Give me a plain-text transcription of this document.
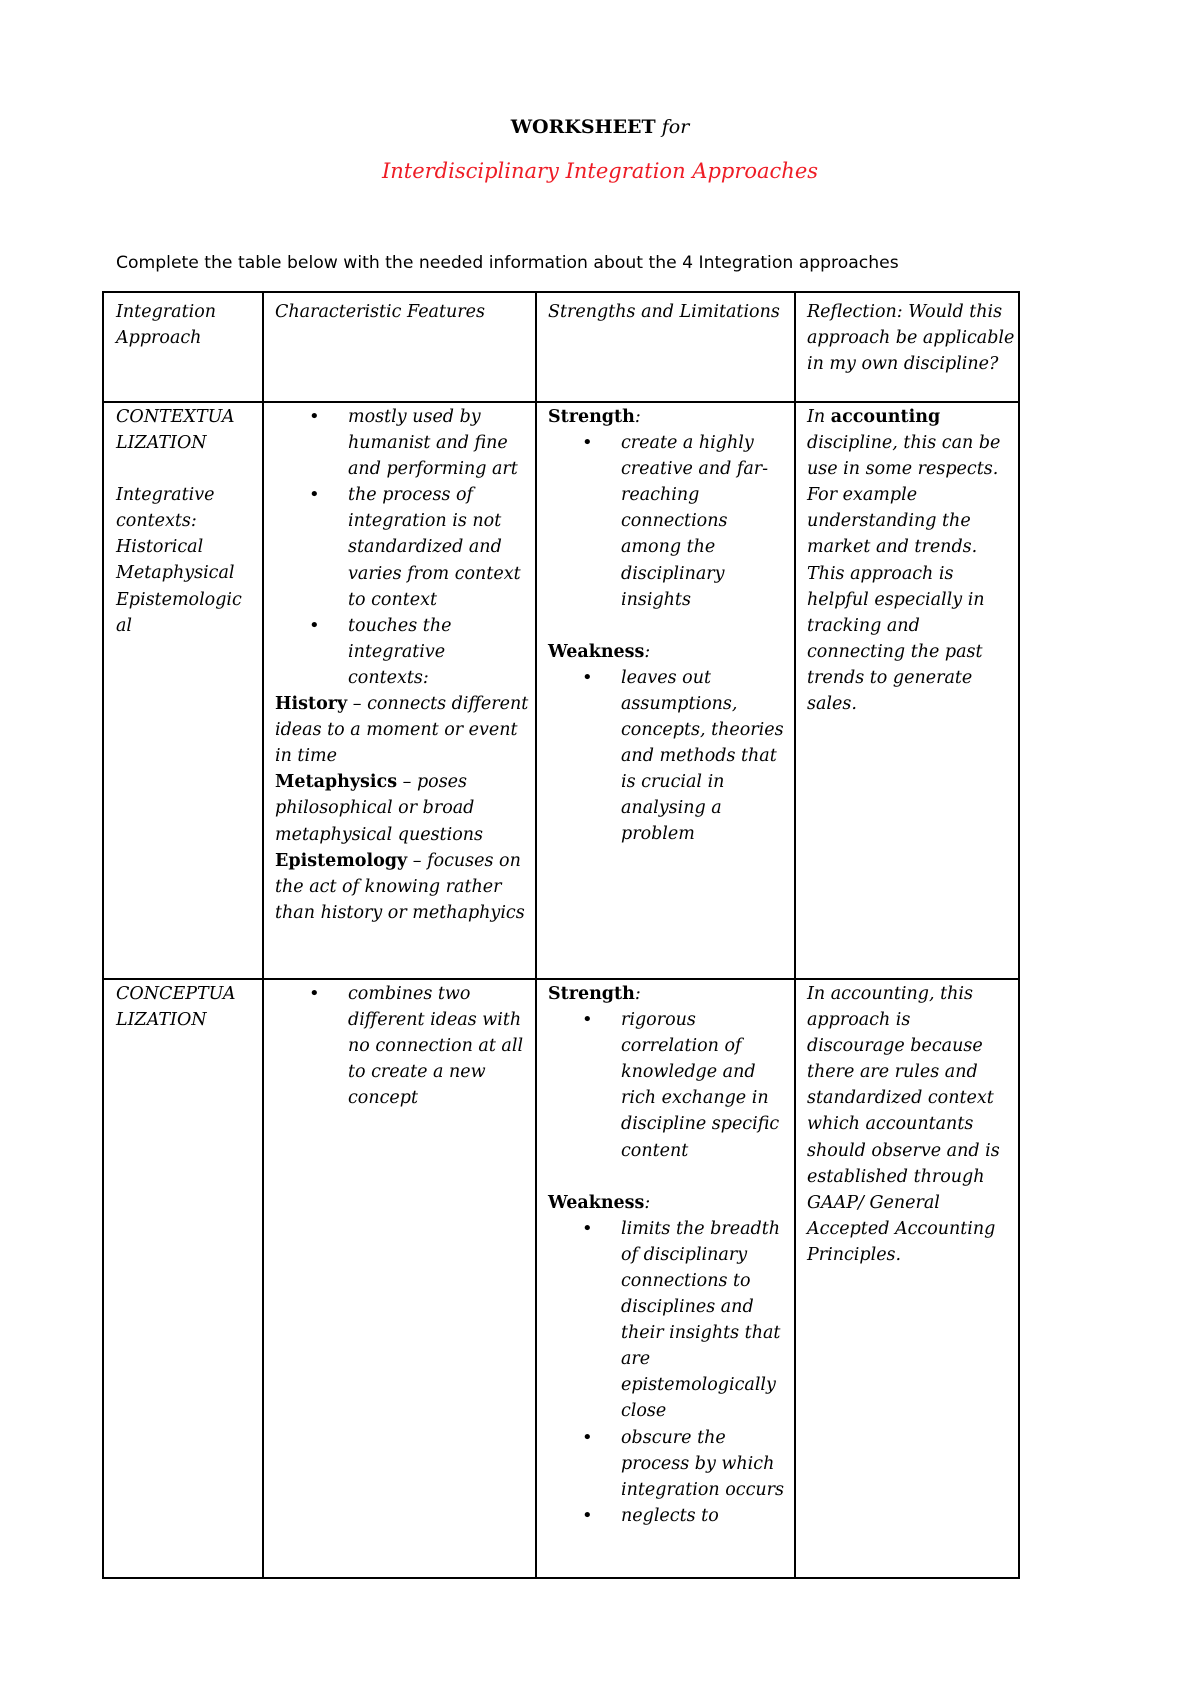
WORKSHEET for
Interdisciplinary Integration Approaches
Complete the table below with the needed information about the 4 Integration approaches
Integration Approach
Characteristic Features	Strengths and Limitations	Reflection: Would this approach be applicable in my own discipline?
CONTEXTUALIZATION
Integrative contexts:
Historical
Metaphysical
Epistemological
• mostly used by humanist and fine and performing art
• the process of integration is not standardized and varies from context to context
• touches the integrative contexts:
History – connects different ideas to a moment or event in time
Metaphysics – poses philosophical or broad metaphysical questions
Epistemology – focuses on the act of knowing rather than history or methaphyics
Strength:
• create a highly creative and far-reaching connections among the disciplinary insights
Weakness:
• leaves out assumptions, concepts, theories and methods that is crucial in analysing a problem
In accounting discipline, this can be use in some respects. For example understanding the market and trends. This approach is helpful especially in tracking and connecting the past trends to generate sales.
CONCEPTUALIZATION
• combines two different ideas with no connection at all to create a new concept
Strength:
• rigorous correlation of knowledge and rich exchange in discipline specific content
Weakness:
• limits the breadth of disciplinary connections to disciplines and their insights that are epistemologically close
• obscure the process by which integration occurs
• neglects to
In accounting, this approach is discourage because there are rules and standardized context which accountants should observe and is established through GAAP/ General Accepted Accounting Principles.
